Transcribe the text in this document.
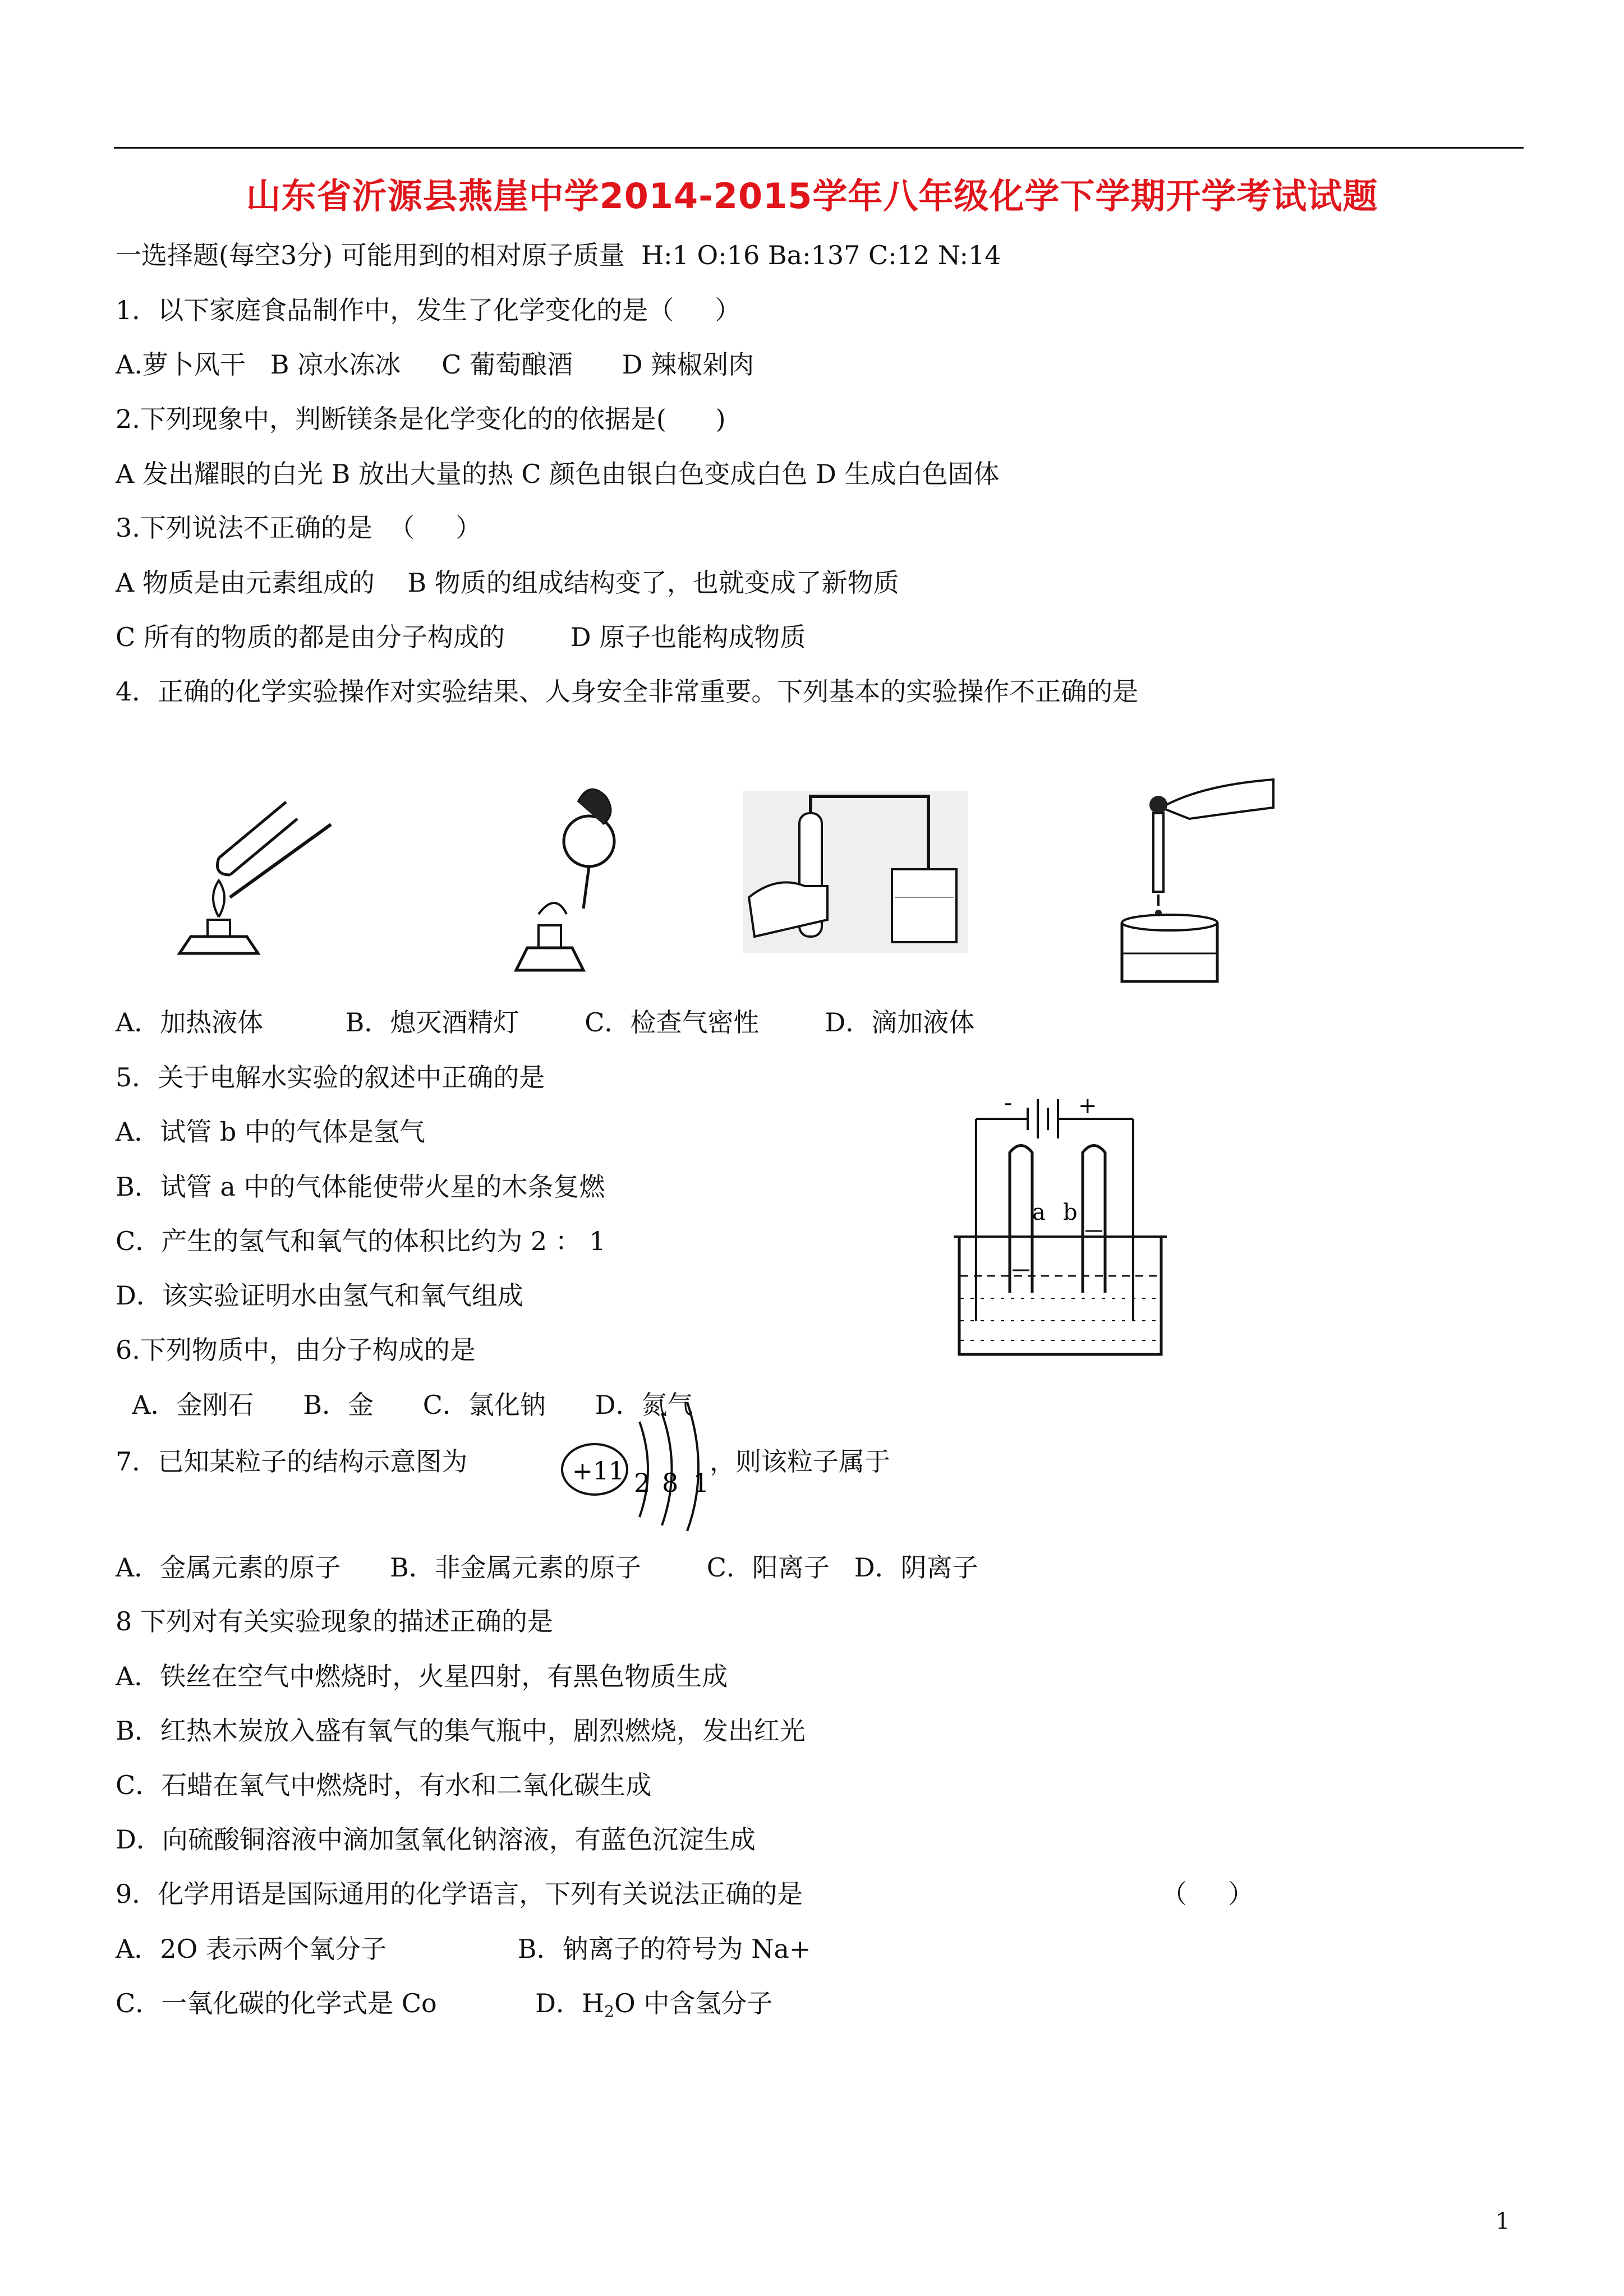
山东省沂源县燕崖中学2014-2015学年八年级化学下学期开学考试试题
一选择题(每空3分) 可能用到的相对原子质量  H:1 O:16 Ba:137 C:12 N:14
1．以下家庭食品制作中，发生了化学变化的是（     ）
A.萝卜风干   B 凉水冻冰     C 葡萄酿酒      D 辣椒剁肉
2.下列现象中，判断镁条是化学变化的的依据是(      )
A 发出耀眼的白光 B 放出大量的热 C 颜色由银白色变成白色 D 生成白色固体
3.下列说法不正确的是  （     ）
A 物质是由元素组成的    B 物质的组成结构变了，也就变成了新物质
C 所有的物质的都是由分子构成的        D 原子也能构成物质
4．正确的化学实验操作对实验结果、人身安全非常重要。下列基本的实验操作不正确的是
A．加热液体          B．熄灭酒精灯        C．检查气密性        D．滴加液体
5．关于电解水实验的叙述中正确的是
A．试管 b 中的气体是氢气
B．试管 a 中的气体能使带火星的木条复燃
C．产生的氢气和氧气的体积比约为 2 ： 1
D．该实验证明水由氢气和氧气组成
-	+
a b
6.下列物质中，由分子构成的是
A．金刚石      B．金      C．氯化钠      D．氮气
7．已知某粒子的结构示意图为	+11 2 8 1
，则该粒子属于
A．金属元素的原子      B．非金属元素的原子        C．阳离子   D．阴离子
8 下列对有关实验现象的描述正确的是
A．铁丝在空气中燃烧时，火星四射，有黑色物质生成
B．红热木炭放入盛有氧气的集气瓶中，剧烈燃烧，发出红光
C．石蜡在氧气中燃烧时，有水和二氧化碳生成
D．向硫酸铜溶液中滴加氢氧化钠溶液，有蓝色沉淀生成
9．化学用语是国际通用的化学语言，下列有关说法正确的是	（     ）
A．2O 表示两个氧分子                B．钠离子的符号为 Na+
C．一氧化碳的化学式是 Co            D．$H_2O$ 中含氢分子
1
